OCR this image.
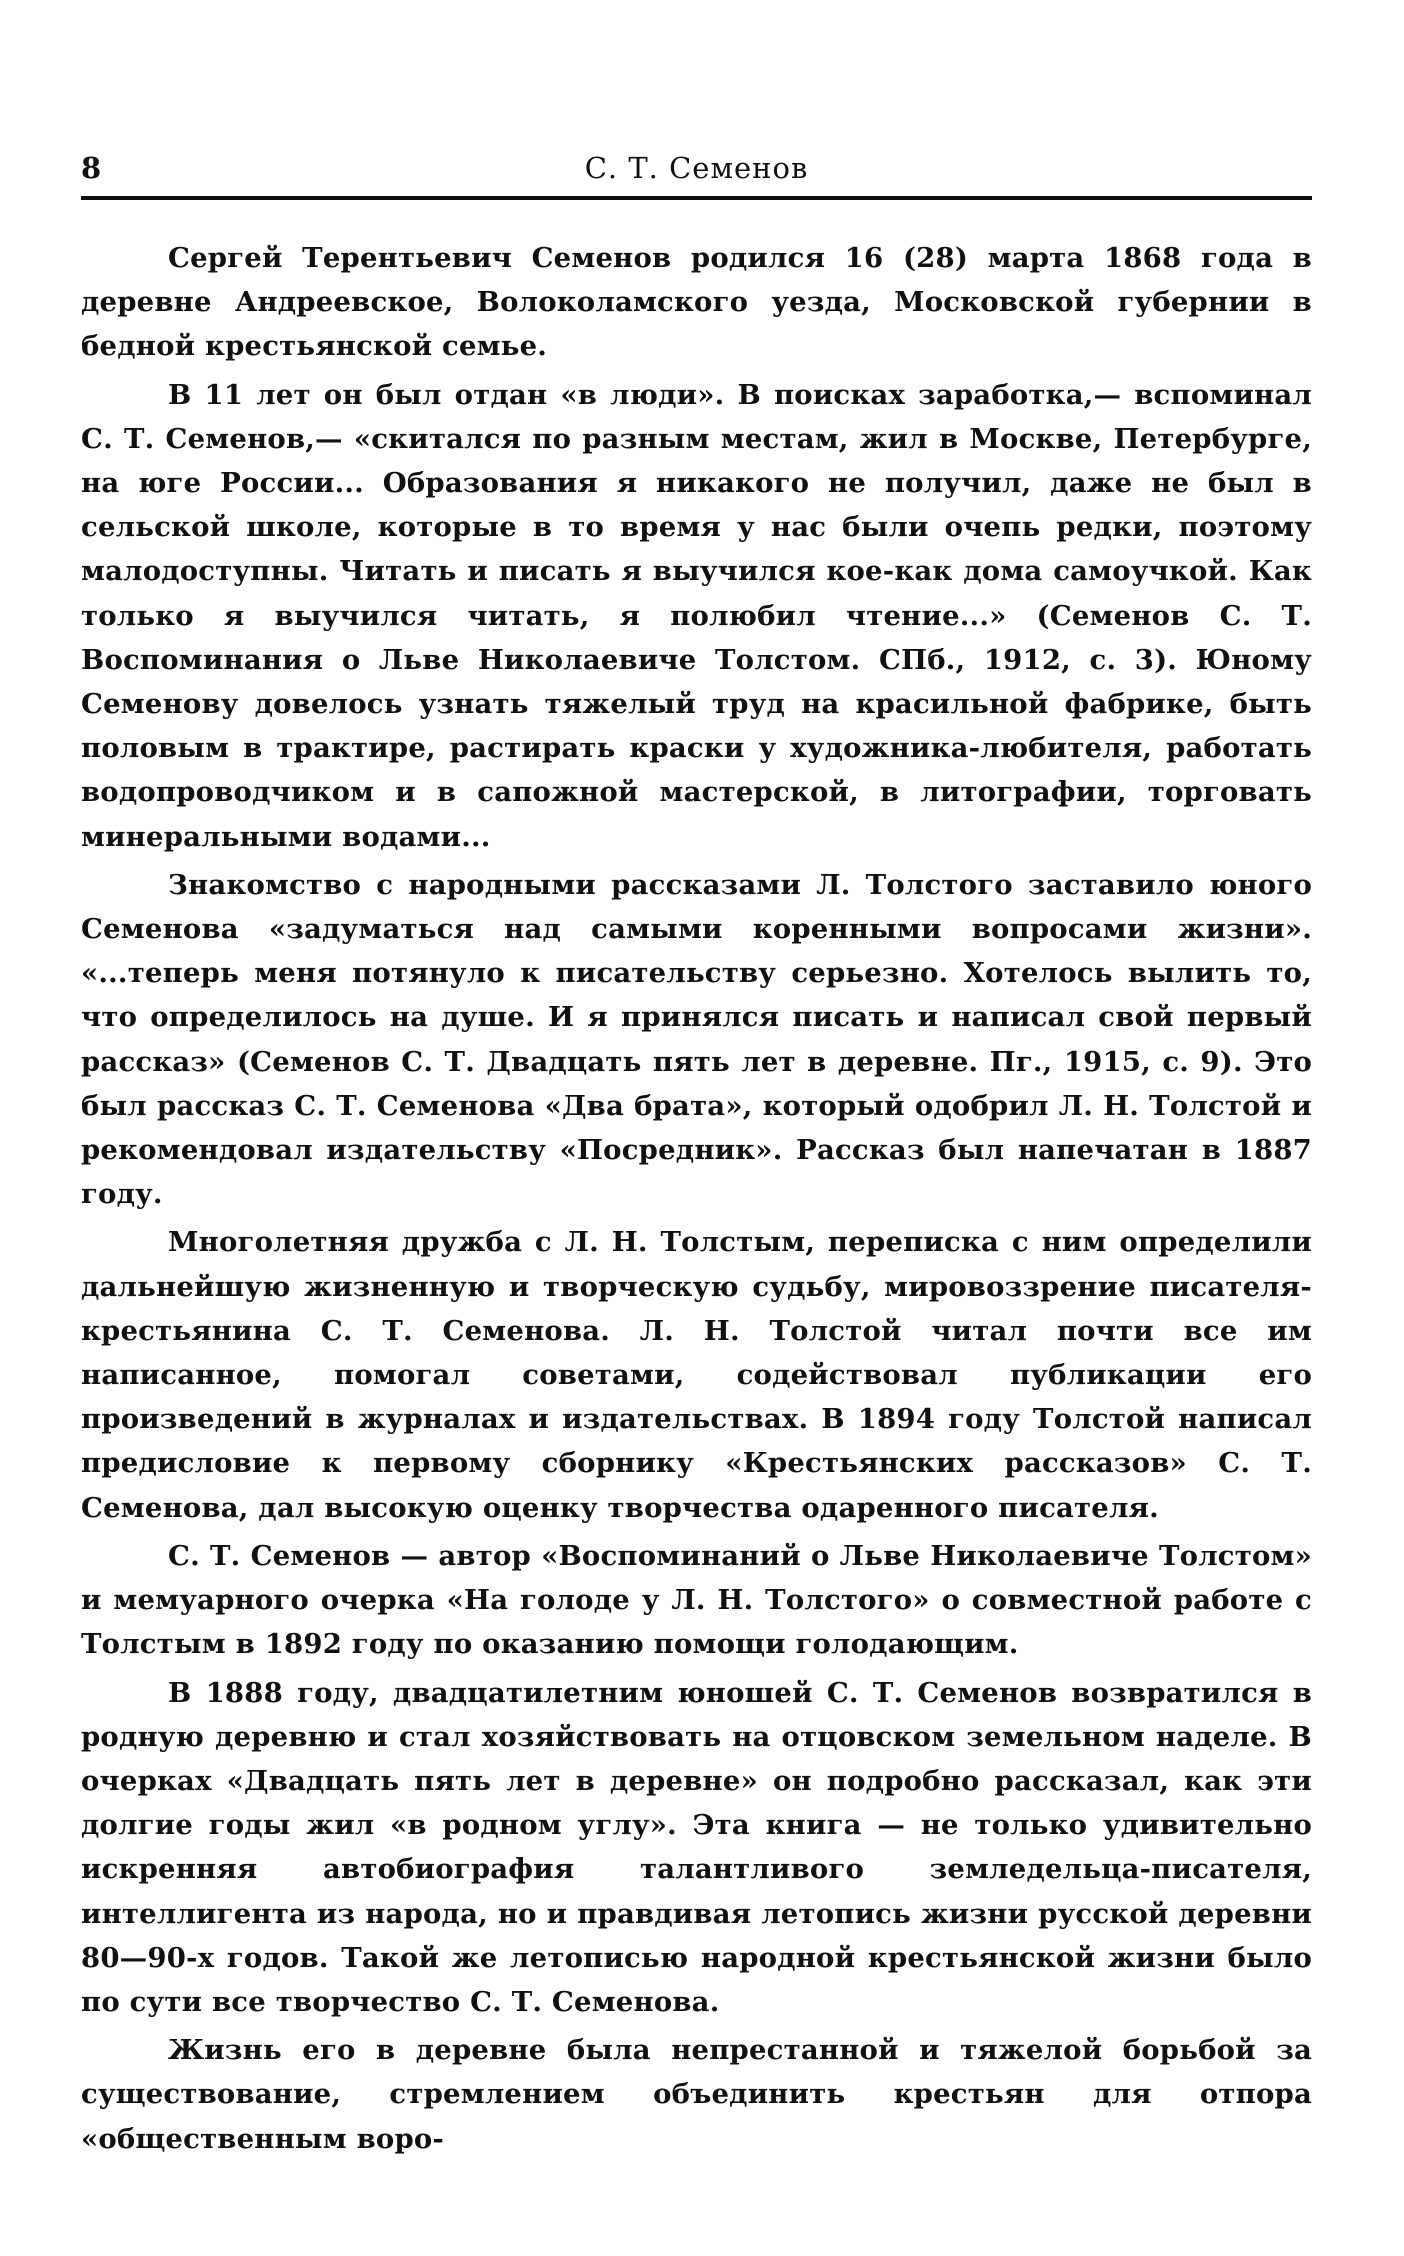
8	С. Т. Семенов

Сергей Терентьевич Семенов родился 16 (28) марта 1868 года в деревне Андреевское, Волоколамского уезда, Московской губернии в бедной крестьянской семье.

В 11 лет он был отдан «в люди». В поисках заработка,— вспоминал С. Т. Семенов,— «скитался по разным местам, жил в Москве, Петербурге, на юге России... Образования я никакого не получил, даже не был в сельской школе, которые в то время у нас были очепь редки, поэтому малодоступны. Читать и писать я выучился кое-как дома самоучкой. Как только я выучился читать, я полюбил чтение...» (Семенов С. Т. Воспоминания о Льве Николаевиче Толстом. СПб., 1912, с. 3). Юному Семенову довелось узнать тяжелый труд на красильной фабрике, быть половым в трактире, растирать краски у художника-любителя, работать водопроводчиком и в сапожной мастерской, в литографии, торговать минеральными водами...

Знакомство с народными рассказами Л. Толстого заставило юного Семенова «задуматься над самыми коренными вопросами жизни». «...теперь меня потянуло к писательству серьезно. Хотелось вылить то, что определилось на душе. И я принялся писать и написал свой первый рассказ» (Семенов С. Т. Двадцать пять лет в деревне. Пг., 1915, с. 9). Это был рассказ С. Т. Семенова «Два брата», который одобрил Л. Н. Толстой и рекомендовал издательству «Посредник». Рассказ был напечатан в 1887 году.

Многолетняя дружба с Л. Н. Толстым, переписка с ним определили дальнейшую жизненную и творческую судьбу, мировоззрение писателя-крестьянина С. Т. Семенова. Л. Н. Толстой читал почти все им написанное, помогал советами, содействовал публикации его произведений в журналах и издательствах. В 1894 году Толстой написал предисловие к первому сборнику «Крестьянских рассказов» С. Т. Семенова, дал высокую оценку творчества одаренного писателя.

С. Т. Семенов — автор «Воспоминаний о Льве Николаевиче Толстом» и мемуарного очерка «На голоде у Л. Н. Толстого» о совместной работе с Толстым в 1892 году по оказанию помощи голодающим.

В 1888 году, двадцатилетним юношей С. Т. Семенов возвратился в родную деревню и стал хозяйствовать на отцовском земельном наделе. В очерках «Двадцать пять лет в деревне» он подробно рассказал, как эти долгие годы жил «в родном углу». Эта книга — не только удивительно искренняя автобиография талантливого земледельца-писателя, интеллигента из народа, но и правдивая летопись жизни русской деревни 80—90-х годов. Такой же летописью народной крестьянской жизни было по сути все творчество С. Т. Семенова.

Жизнь его в деревне была непрестанной и тяжелой борьбой за существование, стремлением объединить крестьян для отпора «общественным воро-
